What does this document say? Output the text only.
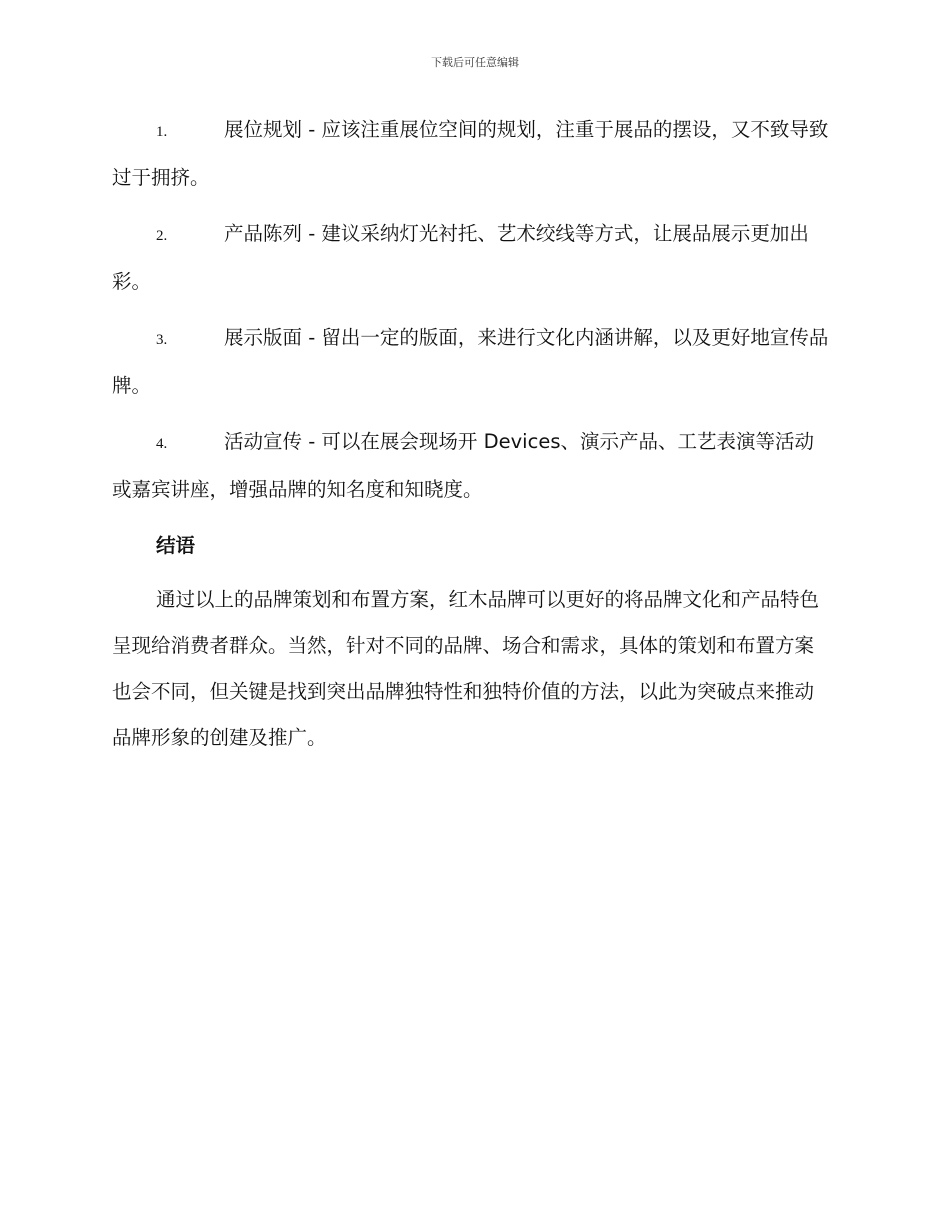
下载后可任意编辑

1.	展位规划 - 应该注重展位空间的规划，注重于展品的摆设，又不致导致过于拥挤。

2.	产品陈列 - 建议采纳灯光衬托、艺术绞线等方式，让展品展示更加出彩。

3.	展示版面 - 留出一定的版面，来进行文化内涵讲解，以及更好地宣传品牌。

4.	活动宣传 - 可以在展会现场开 Devices、演示产品、工艺表演等活动或嘉宾讲座，增强品牌的知名度和知晓度。

结语

通过以上的品牌策划和布置方案，红木品牌可以更好的将品牌文化和产品特色呈现给消费者群众。当然，针对不同的品牌、场合和需求，具体的策划和布置方案也会不同，但关键是找到突出品牌独特性和独特价值的方法，以此为突破点来推动品牌形象的创建及推广。
